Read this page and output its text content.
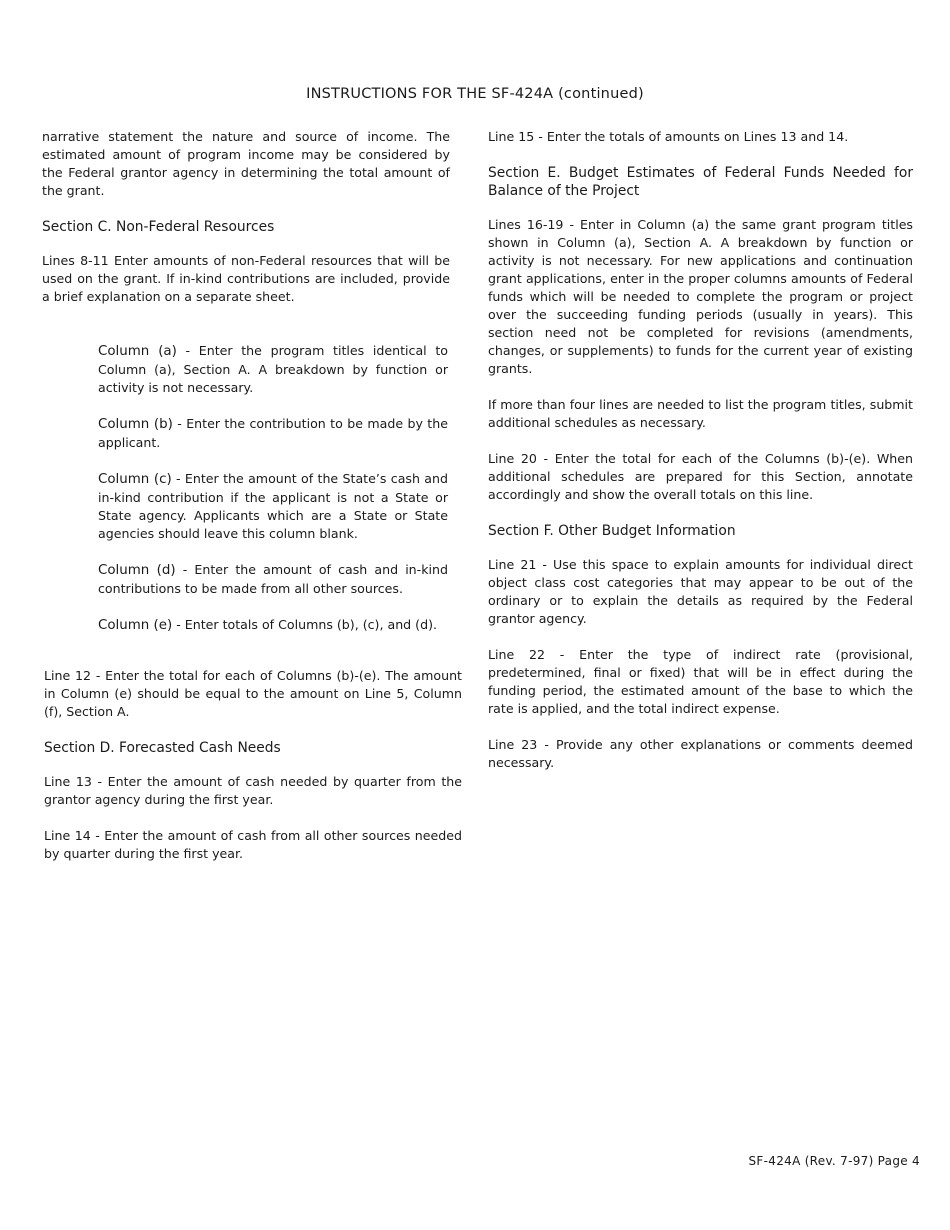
INSTRUCTIONS FOR THE SF-424A (continued)

narrative statement the nature and source of income. The estimated amount of program income may be considered by the Federal grantor agency in determining the total amount of the grant.

Section C. Non-Federal Resources

Lines 8-11 Enter amounts of non-Federal resources that will be used on the grant. If in-kind contributions are included, provide a brief explanation on a separate sheet.

Column (a) - Enter the program titles identical to Column (a), Section A. A breakdown by function or activity is not necessary.

Column (b) - Enter the contribution to be made by the applicant.

Column (c) - Enter the amount of the State’s cash and in-kind contribution if the applicant is not a State or State agency. Applicants which are a State or State agencies should leave this column blank.

Column (d) - Enter the amount of cash and in-kind contributions to be made from all other sources.

Column (e) - Enter totals of Columns (b), (c), and (d).

Line 12 - Enter the total for each of Columns (b)-(e). The amount in Column (e) should be equal to the amount on Line 5, Column (f), Section A.

Section D. Forecasted Cash Needs

Line 13 - Enter the amount of cash needed by quarter from the grantor agency during the first year.

Line 14 - Enter the amount of cash from all other sources needed by quarter during the first year.

Line 15 - Enter the totals of amounts on Lines 13 and 14.

Section E. Budget Estimates of Federal Funds Needed for Balance of the Project

Lines 16-19 - Enter in Column (a) the same grant program titles shown in Column (a), Section A. A breakdown by function or activity is not necessary. For new applications and continuation grant applications, enter in the proper columns amounts of Federal funds which will be needed to complete the program or project over the succeeding funding periods (usually in years). This section need not be completed for revisions (amendments, changes, or supplements) to funds for the current year of existing grants.

If more than four lines are needed to list the program titles, submit additional schedules as necessary.

Line 20 - Enter the total for each of the Columns (b)-(e). When additional schedules are prepared for this Section, annotate accordingly and show the overall totals on this line.

Section F. Other Budget Information

Line 21 - Use this space to explain amounts for individual direct object class cost categories that may appear to be out of the ordinary or to explain the details as required by the Federal grantor agency.

Line 22 - Enter the type of indirect rate (provisional, predetermined, final or fixed) that will be in effect during the funding period, the estimated amount of the base to which the rate is applied, and the total indirect expense.

Line 23 - Provide any other explanations or comments deemed necessary.

SF-424A (Rev. 7-97) Page 4
